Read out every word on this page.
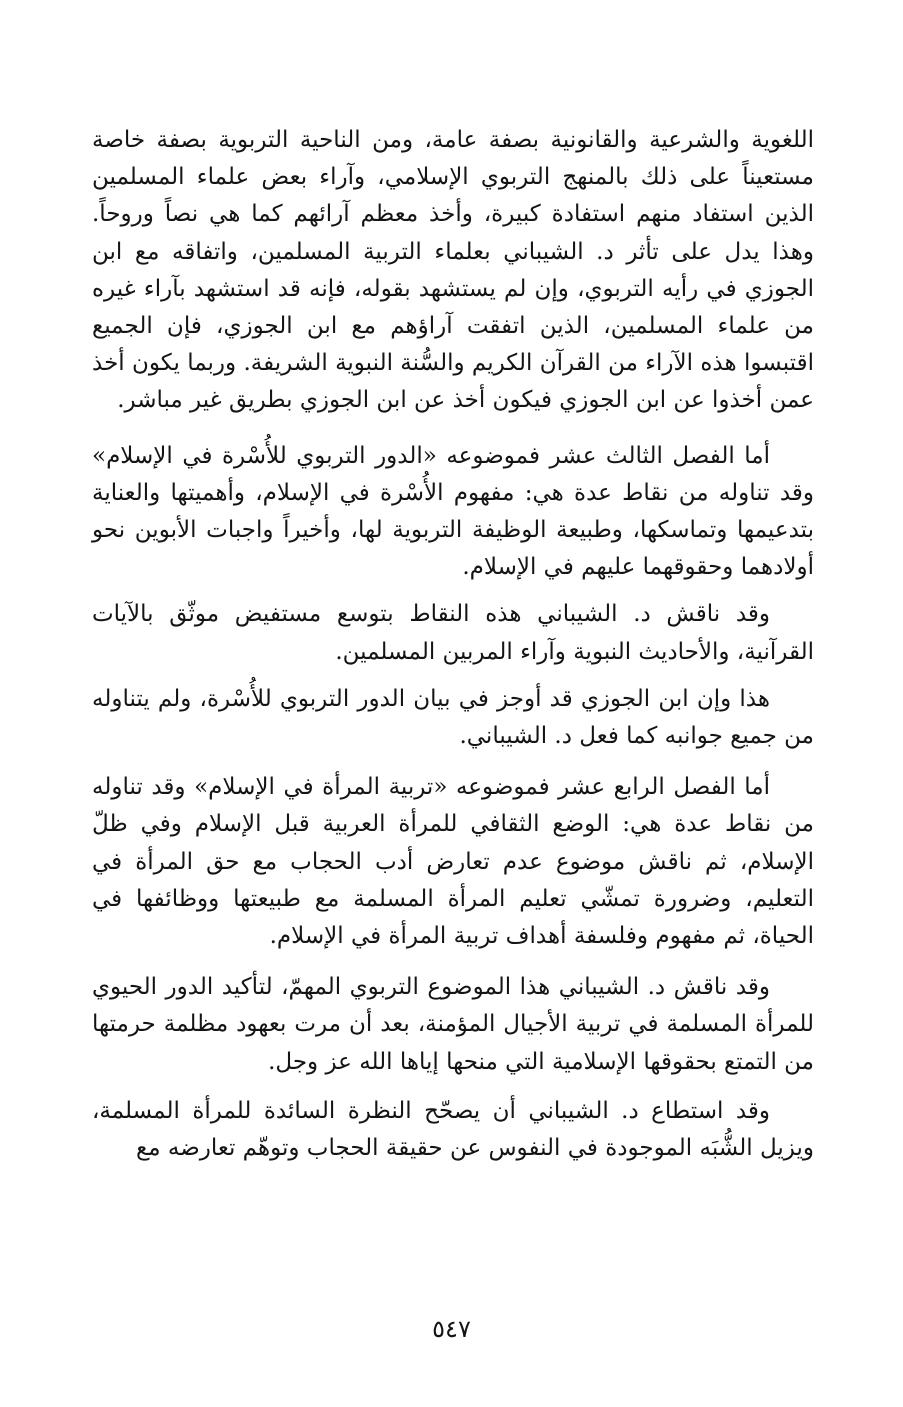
اللغوية والشرعية والقانونية بصفة عامة، ومن الناحية التربوية بصفة خاصة مستعيناً على ذلك بالمنهج التربوي الإسلامي، وآراء بعض علماء المسلمين الذين استفاد منهم استفادة كبيرة، وأخذ معظم آرائهم كما هي نصاً وروحاً. وهذا يدل على تأثر د. الشيباني بعلماء التربية المسلمين، واتفاقه مع ابن الجوزي في رأيه التربوي، وإن لم يستشهد بقوله، فإنه قد استشهد بآراء غيره من علماء المسلمين، الذين اتفقت آراؤهم مع ابن الجوزي، فإن الجميع اقتبسوا هذه الآراء من القرآن الكريم والسُّنة النبوية الشريفة. وربما يكون أخذ عمن أخذوا عن ابن الجوزي فيكون أخذ عن ابن الجوزي بطريق غير مباشر.

أما الفصل الثالث عشر فموضوعه «الدور التربوي للأُسْرة في الإسلام» وقد تناوله من نقاط عدة هي: مفهوم الأُسْرة في الإسلام، وأهميتها والعناية بتدعيمها وتماسكها، وطبيعة الوظيفة التربوية لها، وأخيراً واجبات الأبوين نحو أولادهما وحقوقهما عليهم في الإسلام.

وقد ناقش د. الشيباني هذه النقاط بتوسع مستفيض موثّق بالآيات القرآنية، والأحاديث النبوية وآراء المربين المسلمين.

هذا وإن ابن الجوزي قد أوجز في بيان الدور التربوي للأُسْرة، ولم يتناوله من جميع جوانبه كما فعل د. الشيباني.

أما الفصل الرابع عشر فموضوعه «تربية المرأة في الإسلام» وقد تناوله من نقاط عدة هي: الوضع الثقافي للمرأة العربية قبل الإسلام وفي ظلّ الإسلام، ثم ناقش موضوع عدم تعارض أدب الحجاب مع حق المرأة في التعليم، وضرورة تمشّي تعليم المرأة المسلمة مع طبيعتها ووظائفها في الحياة، ثم مفهوم وفلسفة أهداف تربية المرأة في الإسلام.

وقد ناقش د. الشيباني هذا الموضوع التربوي المهمّ، لتأكيد الدور الحيوي للمرأة المسلمة في تربية الأجيال المؤمنة، بعد أن مرت بعهود مظلمة حرمتها من التمتع بحقوقها الإسلامية التي منحها إياها الله عز وجل.

وقد استطاع د. الشيباني أن يصحّح النظرة السائدة للمرأة المسلمة، ويزيل الشُّبَه الموجودة في النفوس عن حقيقة الحجاب وتوهّم تعارضه مع

٥٤٧
